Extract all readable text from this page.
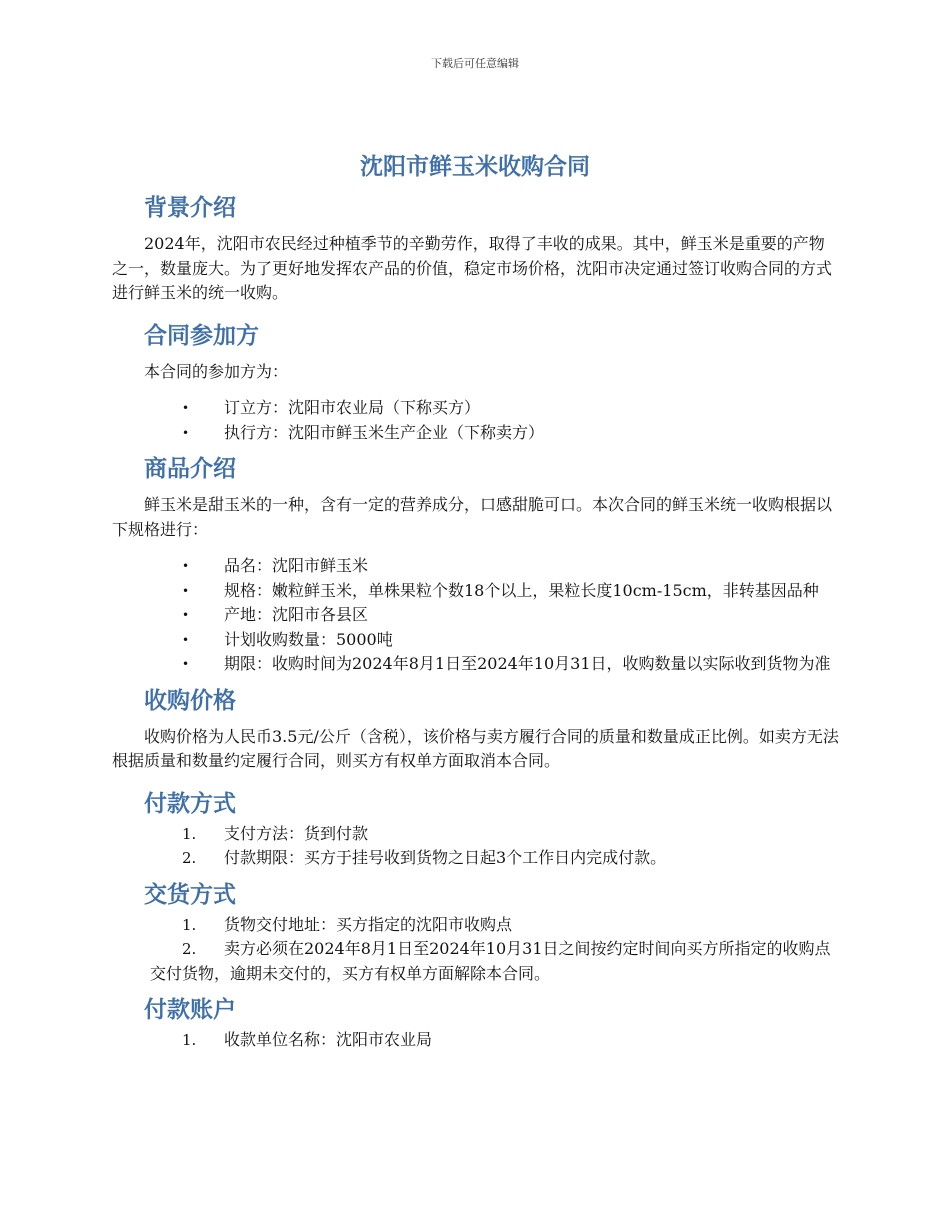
下载后可任意编辑
沈阳市鲜玉米收购合同
背景介绍

2024年，沈阳市农民经过种植季节的辛勤劳作，取得了丰收的成果。其中，鲜玉米是重要的产物之一，数量庞大。为了更好地发挥农产品的价值，稳定市场价格，沈阳市决定通过签订收购合同的方式进行鲜玉米的统一收购。

合同参加方

本合同的参加方为：

• 订立方：沈阳市农业局（下称买方）
• 执行方：沈阳市鲜玉米生产企业（下称卖方）
商品介绍

鲜玉米是甜玉米的一种，含有一定的营养成分，口感甜脆可口。本次合同的鲜玉米统一收购根据以下规格进行：

• 品名：沈阳市鲜玉米
• 规格：嫩粒鲜玉米，单株果粒个数18个以上，果粒长度10cm-15cm，非转基因品种
• 产地：沈阳市各县区
• 计划收购数量：5000吨
• 期限：收购时间为2024年8月1日至2024年10月31日，收购数量以实际收到货物为准
收购价格

收购价格为人民币3.5元/公斤（含税），该价格与卖方履行合同的质量和数量成正比例。如卖方无法根据质量和数量约定履行合同，则买方有权单方面取消本合同。

付款方式
1. 支付方法：货到付款
2. 付款期限：买方于挂号收到货物之日起3个工作日内完成付款。
交货方式
1. 货物交付地址：买方指定的沈阳市收购点
2. 卖方必须在2024年8月1日至2024年10月31日之间按约定时间向买方所指定的收购点交付货物，逾期未交付的，买方有权单方面解除本合同。
付款账户
1. 收款单位名称：沈阳市农业局
